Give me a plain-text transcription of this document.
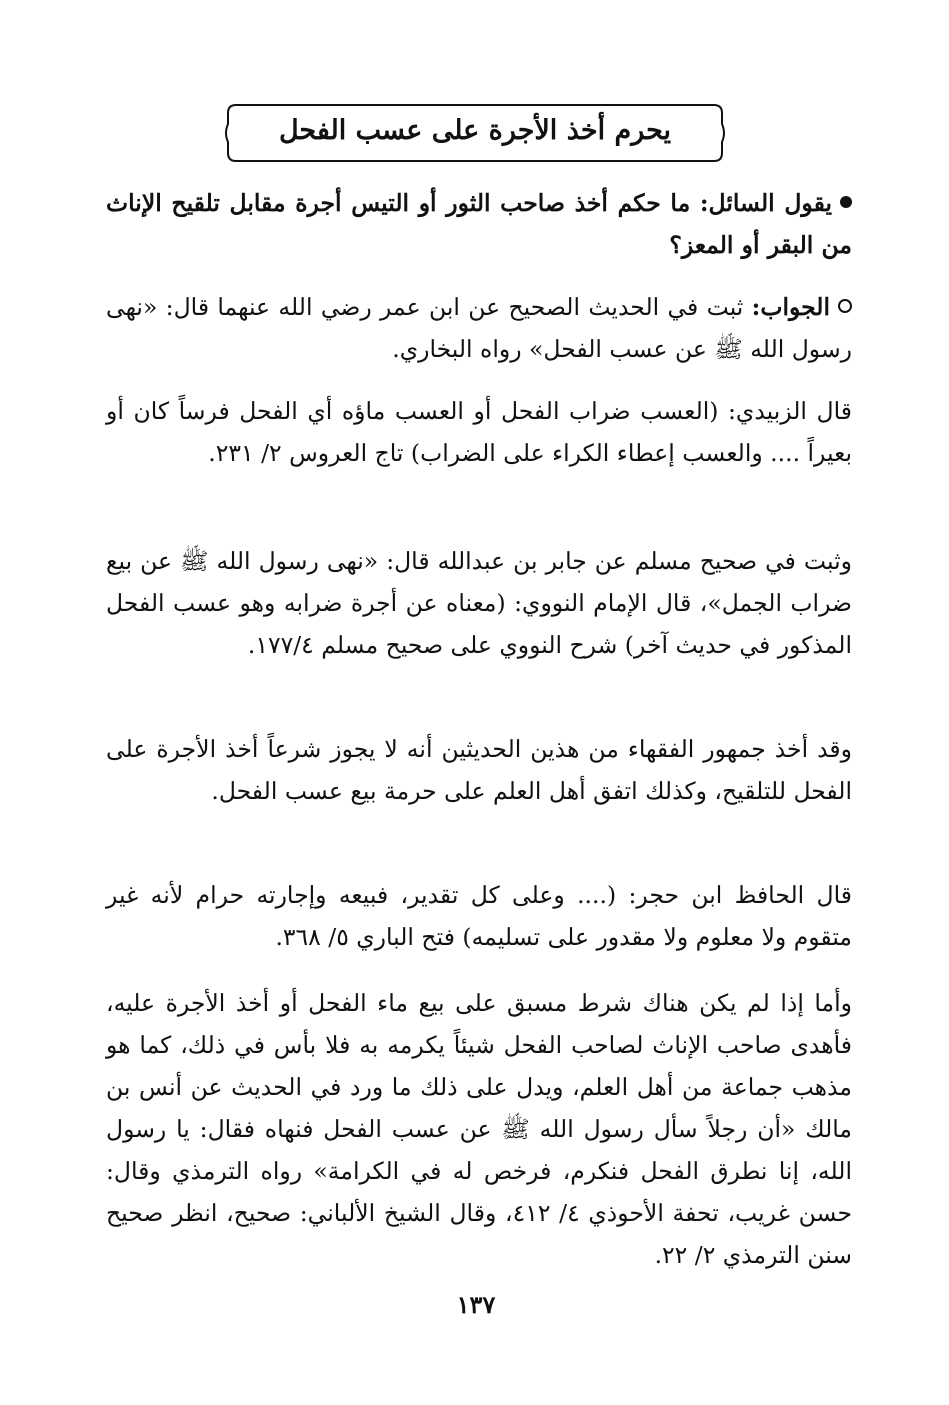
يحرم أخذ الأجرة على عسب الفحل
يقول السائل: ما حكم أخذ صاحب الثور أو التيس أجرة مقابل تلقيح الإناث من البقر أو المعز؟
الجواب: ثبت في الحديث الصحيح عن ابن عمر رضي الله عنهما قال: «نهى رسول الله ﷺ عن عسب الفحل» رواه البخاري.
قال الزبيدي: (العسب ضراب الفحل أو العسب ماؤه أي الفحل فرساً كان أو بعيراً .... والعسب إعطاء الكراء على الضراب) تاج العروس ٢/ ٢٣١.
وثبت في صحيح مسلم عن جابر بن عبدالله قال: «نهى رسول الله ﷺ عن بيع ضراب الجمل»، قال الإمام النووي: (معناه عن أجرة ضرابه وهو عسب الفحل المذكور في حديث آخر) شرح النووي على صحيح مسلم ١٧٧/٤.
وقد أخذ جمهور الفقهاء من هذين الحديثين أنه لا يجوز شرعاً أخذ الأجرة على الفحل للتلقيح، وكذلك اتفق أهل العلم على حرمة بيع عسب الفحل.
قال الحافظ ابن حجر: (.... وعلى كل تقدير، فبيعه وإجارته حرام لأنه غير متقوم ولا معلوم ولا مقدور على تسليمه) فتح الباري ٥/ ٣٦٨.
وأما إذا لم يكن هناك شرط مسبق على بيع ماء الفحل أو أخذ الأجرة عليه، فأهدى صاحب الإناث لصاحب الفحل شيئاً يكرمه به فلا بأس في ذلك، كما هو مذهب جماعة من أهل العلم، ويدل على ذلك ما ورد في الحديث عن أنس بن مالك «أن رجلاً سأل رسول الله ﷺ عن عسب الفحل فنهاه فقال: يا رسول الله، إنا نطرق الفحل فنكرم، فرخص له في الكرامة» رواه الترمذي وقال: حسن غريب، تحفة الأحوذي ٤/ ٤١٢، وقال الشيخ الألباني: صحيح، انظر صحيح سنن الترمذي ٢/ ٢٢.
١٣٧
